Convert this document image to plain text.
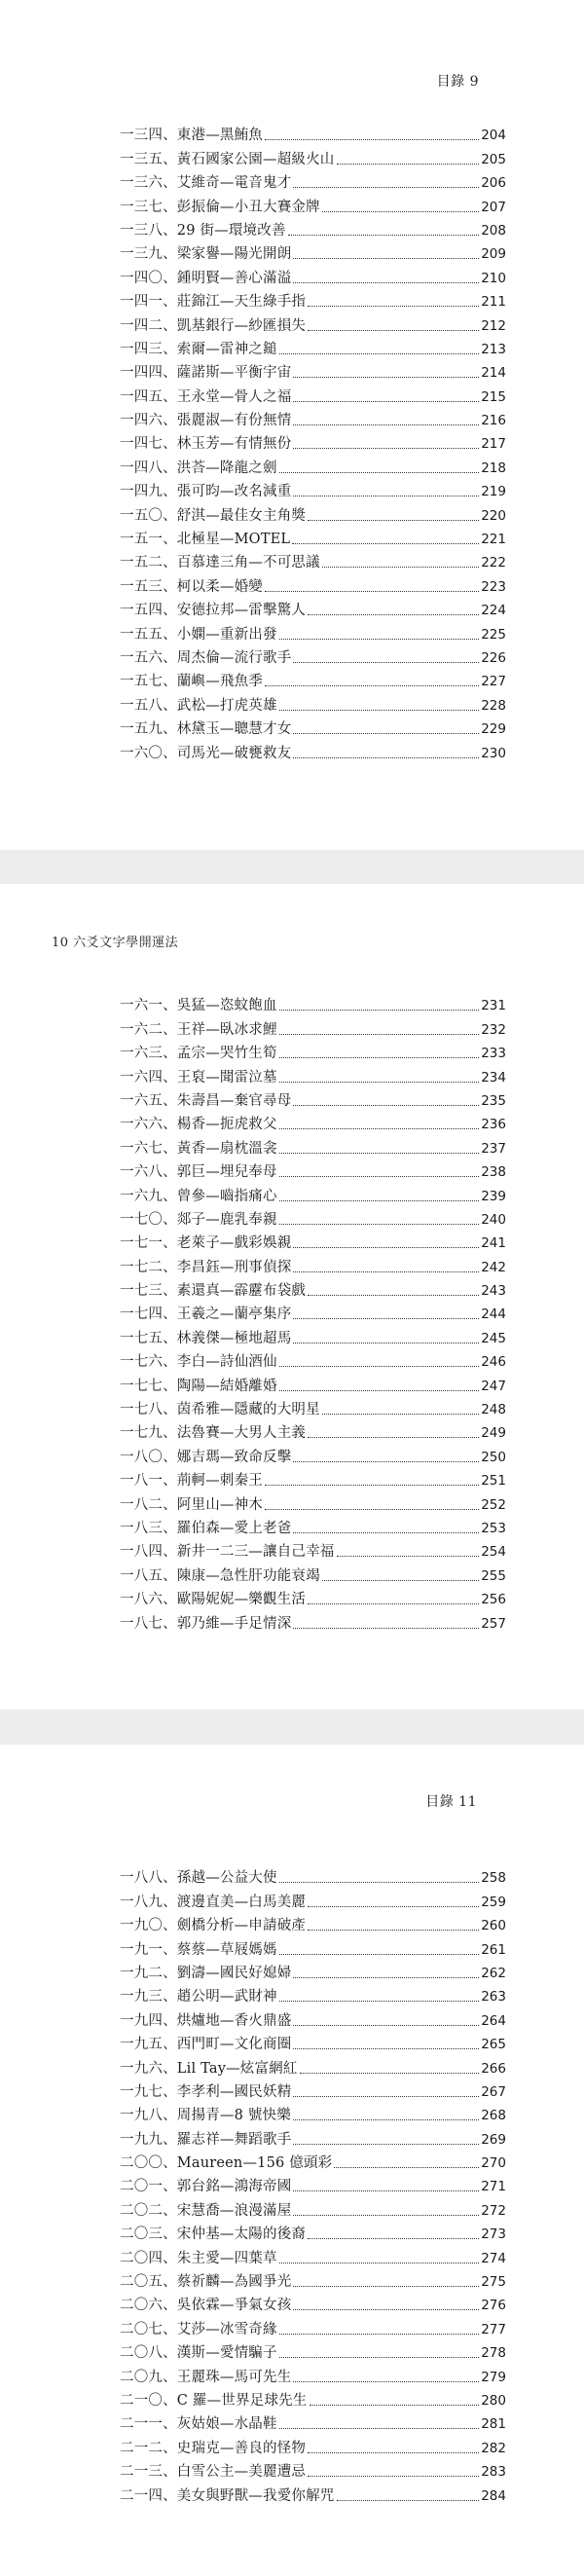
目錄 9
一三四、東港—黑鮪魚	204
一三五、黃石國家公園—超級火山	205
一三六、艾維奇—電音鬼才	206
一三七、彭振倫—小丑大賽金牌	207
一三八、29 街—環境改善	208
一三九、梁家譽—陽光開朗	209
一四〇、鍾明賢—善心滿溢	210
一四一、莊錦江—天生綠手指	211
一四二、凱基銀行—紗匯損失	212
一四三、索爾—雷神之鎚	213
一四四、薩諾斯—平衡宇宙	214
一四五、王永堂—骨人之福	215
一四六、張麗淑—有份無情	216
一四七、林玉芳—有情無份	217
一四八、洪荅—降龍之劍	218
一四九、張可昀—改名減重	219
一五〇、舒淇—最佳女主角獎	220
一五一、北極星—MOTEL	221
一五二、百慕達三角—不可思議	222
一五三、柯以柔—婚變	223
一五四、安德拉邦—雷擊驚人	224
一五五、小嫻—重新出發	225
一五六、周杰倫—流行歌手	226
一五七、蘭嶼—飛魚季	227
一五八、武松—打虎英雄	228
一五九、林黛玉—聰慧才女	229
一六〇、司馬光—破甕救友	230
10 六爻文字學開運法
一六一、吳猛—恣蚊飽血	231
一六二、王祥—臥冰求鯉	232
一六三、孟宗—哭竹生筍	233
一六四、王裒—聞雷泣墓	234
一六五、朱壽昌—棄官尋母	235
一六六、楊香—扼虎救父	236
一六七、黃香—扇枕溫衾	237
一六八、郭巨—埋兒奉母	238
一六九、曾參—嚙指痛心	239
一七〇、郯子—鹿乳奉親	240
一七一、老萊子—戲彩娛親	241
一七二、李昌鈺—刑事偵探	242
一七三、素還真—霹靂布袋戲	243
一七四、王羲之—蘭亭集序	244
一七五、林義傑—極地超馬	245
一七六、李白—詩仙酒仙	246
一七七、陶陽—結婚離婚	247
一七八、茵希雅—隱藏的大明星	248
一七九、法魯賽—大男人主義	249
一八〇、娜吉瑪—致命反擊	250
一八一、荊軻—刺秦王	251
一八二、阿里山—神木	252
一八三、羅伯森—愛上老爸	253
一八四、新井一二三—讓自己幸福	254
一八五、陳康—急性肝功能衰竭	255
一八六、歐陽妮妮—樂觀生活	256
一八七、郭乃維—手足情深	257
目錄 11
一八八、孫越—公益大使	258
一八九、渡邊直美—白馬美麗	259
一九〇、劍橋分析—申請破產	260
一九一、蔡蔡—草屐媽媽	261
一九二、劉濤—國民好媳婦	262
一九三、趙公明—武財神	263
一九四、烘爐地—香火鼎盛	264
一九五、西門町—文化商圈	265
一九六、Lil Tay—炫富網紅	266
一九七、李孝利—國民妖精	267
一九八、周揚青—8 號快樂	268
一九九、羅志祥—舞蹈歌手	269
二〇〇、Maureen—156 億頭彩	270
二〇一、郭台銘—鴻海帝國	271
二〇二、宋慧喬—浪漫滿屋	272
二〇三、宋仲基—太陽的後裔	273
二〇四、朱主愛—四葉草	274
二〇五、蔡祈麟—為國爭光	275
二〇六、吳依霖—爭氣女孩	276
二〇七、艾莎—冰雪奇緣	277
二〇八、漢斯—愛情騙子	278
二〇九、王麗珠—馬可先生	279
二一〇、C 羅—世界足球先生	280
二一一、灰姑娘—水晶鞋	281
二一二、史瑞克—善良的怪物	282
二一三、白雪公主—美麗遭忌	283
二一四、美女與野獸—我愛你解咒	284
